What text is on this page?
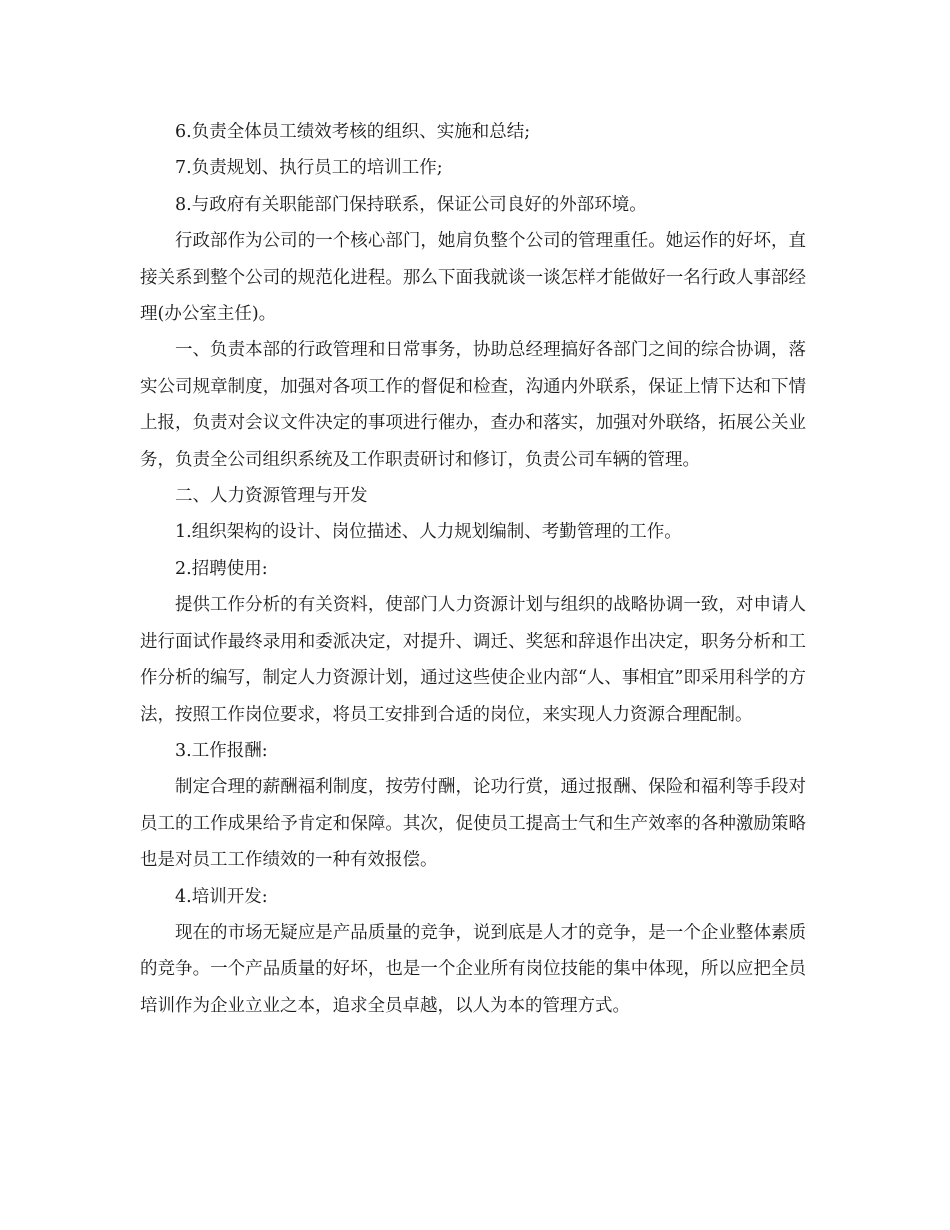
6.负责全体员工绩效考核的组织、实施和总结;

7.负责规划、执行员工的培训工作;

8.与政府有关职能部门保持联系，保证公司良好的外部环境。

行政部作为公司的一个核心部门，她肩负整个公司的管理重任。她运作的好坏，直接关系到整个公司的规范化进程。那么下面我就谈一谈怎样才能做好一名行政人事部经理(办公室主任)。

一、负责本部的行政管理和日常事务，协助总经理搞好各部门之间的综合协调，落实公司规章制度，加强对各项工作的督促和检查，沟通内外联系，保证上情下达和下情上报，负责对会议文件决定的事项进行催办，查办和落实，加强对外联络，拓展公关业务，负责全公司组织系统及工作职责研讨和修订，负责公司车辆的管理。

二、人力资源管理与开发

1.组织架构的设计、岗位描述、人力规划编制、考勤管理的工作。

2.招聘使用:

提供工作分析的有关资料，使部门人力资源计划与组织的战略协调一致，对申请人进行面试作最终录用和委派决定，对提升、调迁、奖惩和辞退作出决定，职务分析和工作分析的编写，制定人力资源计划，通过这些使企业内部“人、事相宜”即采用科学的方法，按照工作岗位要求，将员工安排到合适的岗位，来实现人力资源合理配制。

3.工作报酬:

制定合理的薪酬福利制度，按劳付酬，论功行赏，通过报酬、保险和福利等手段对员工的工作成果给予肯定和保障。其次，促使员工提高士气和生产效率的各种激励策略也是对员工工作绩效的一种有效报偿。

4.培训开发:

现在的市场无疑应是产品质量的竞争，说到底是人才的竞争，是一个企业整体素质的竞争。一个产品质量的好坏，也是一个企业所有岗位技能的集中体现，所以应把全员培训作为企业立业之本，追求全员卓越，以人为本的管理方式。
